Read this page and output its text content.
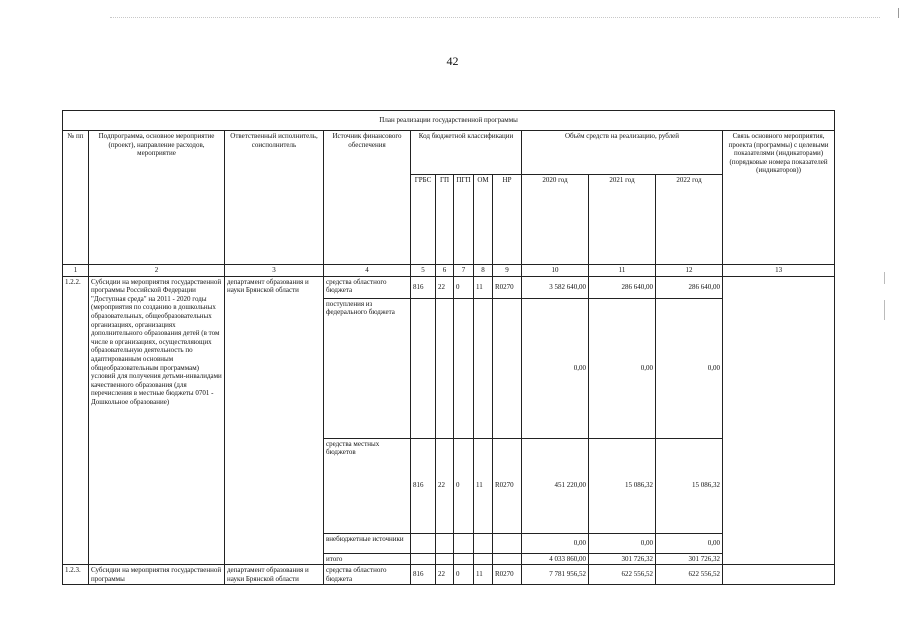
42
План реализации государственной программы												
№ пп	Подпрограмма, основное мероприятие (проект), направление расходов, мероприятие	Ответственный исполнитель, соисполнитель	Источник финансового обеспечения	Код бюджетной классификации					Объём средств на реализацию, рублей			Связь основного мероприятия, проекта (программы) с целевыми показателями (индикаторами) (порядковые номера показателей (индикаторов))
				ГРБС	ГП	ПГП	ОМ	НР	2020 год	2021 год	2022 год	
1	2	3	4	5	6	7	8	9	10	11	12	13
1.2.2.	Субсидии на мероприятия государственной программы Российской Федерации "Доступная среда" на 2011 - 2020 годы (мероприятия по созданию в дошкольных образовательных, общеобразовательных организациях, организациях дополнительного образования детей (в том числе в организациях, осуществляющих образовательную деятельность по адаптированным основным общеобразовательным программам) условий для получения детьми-инвалидами качественного образования (для перечисления в местные бюджеты 0701 - Дошкольное образование)	департамент образования и науки Брянской области	средства областного бюджета	816	22	0	11	R0270	3 582 640,00	286 640,00	286 640,00	
			поступления из федерального бюджета						0,00	0,00	0,00	
			средства местных бюджетов	816	22	0	11	R0270	451 220,00	15 086,32	15 086,32	
			внебюджетные источники						0,00	0,00	0,00	
			итого						4 033 860,00	301 726,32	301 726,32	
1.2.3.	Субсидии на мероприятия государственной программы	департамент образования и науки Брянской области	средства областного бюджета	816	22	0	11	R0270	7 781 956,52	622 556,52	622 556,52	
